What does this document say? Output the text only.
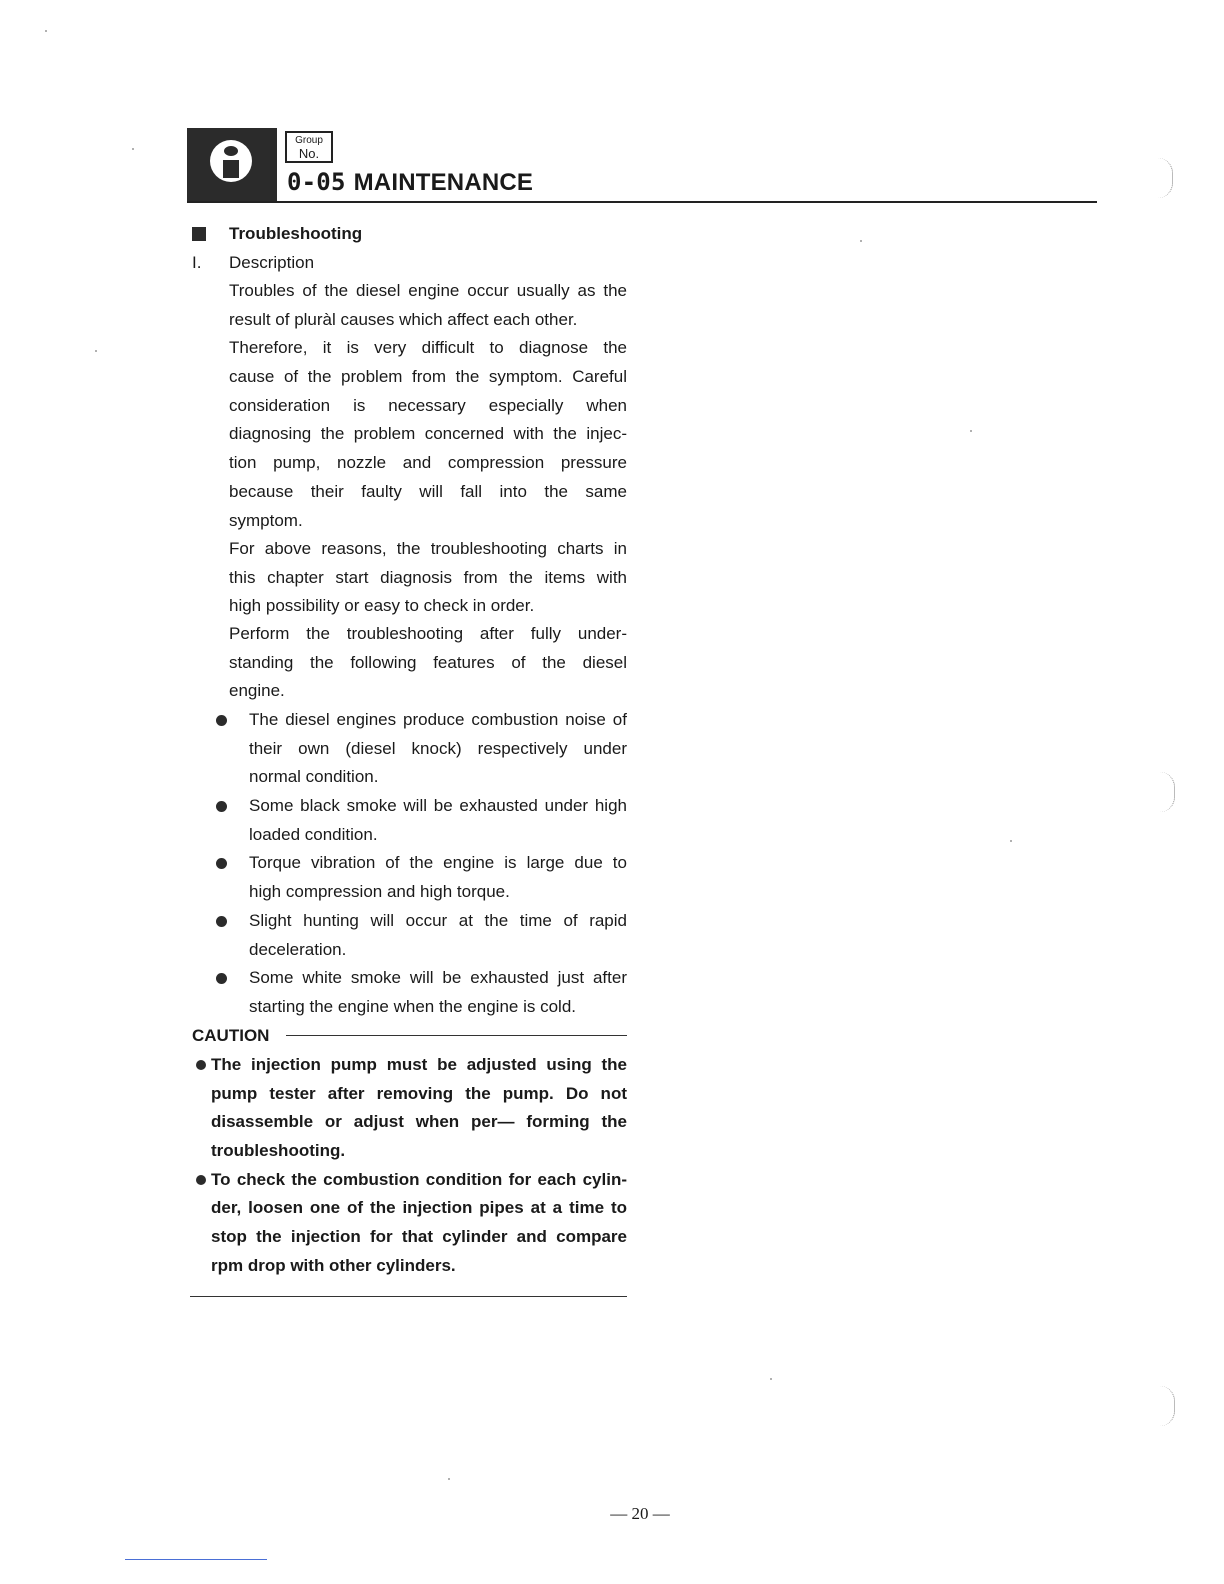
Group
No.
0-05 MAINTENANCE
Troubleshooting
I. Description
Troubles of the diesel engine occur usually as the
result of pluràl causes which affect each other.
Therefore, it is very difficult to diagnose the
cause of the problem from the symptom. Careful
consideration is necessary especially when
diagnosing the problem concerned with the injec-
tion pump, nozzle and compression pressure
because their faulty will fall into the same
symptom.
For above reasons, the troubleshooting charts in
this chapter start diagnosis from the items with
high possibility or easy to check in order.
Perform the troubleshooting after fully under-
standing the following features of the diesel
engine.
The diesel engines produce combustion noise of
their own (diesel knock) respectively under
normal condition.
Some black smoke will be exhausted under high
loaded condition.
Torque vibration of the engine is large due to
high compression and high torque.
Slight hunting will occur at the time of rapid
deceleration.
Some white smoke will be exhausted just after
starting the engine when the engine is cold.
CAUTION
The injection pump must be adjusted using the
pump tester after removing the pump. Do not
disassemble or adjust when per— forming the
troubleshooting.
To check the combustion condition for each cylin-
der, loosen one of the injection pipes at a time to
stop the injection for that cylinder and compare
rpm drop with other cylinders.
— 20 —
